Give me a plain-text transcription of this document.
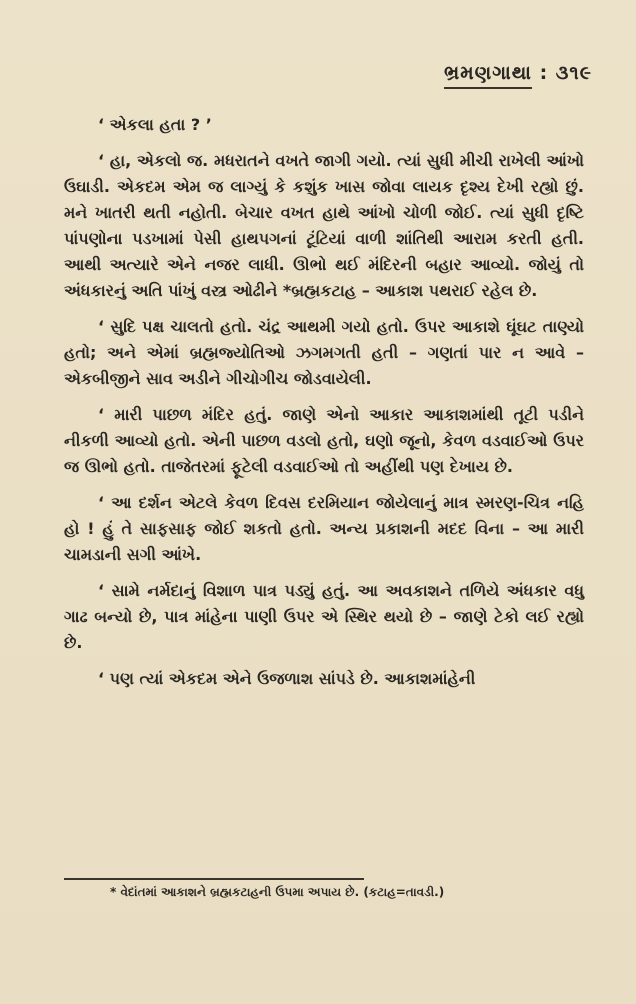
ભ્રમણગાથા : ૩૧૯

‘ એકલા હતા ? ’

‘ હા, એકલો જ. મધરાતને વખતે જાગી ગયો. ત્યાં સુધી મીચી રાખેલી આંખો ઉઘાડી. એકદમ એમ જ લાગ્યું કે કશુંક ખાસ જોવા લાયક દૃશ્ય દેખી રહ્યો છું. મને ખાતરી થતી નહોતી. બેચાર વખત હાથે આંખો ચોળી જોઈ. ત્યાં સુધી દૃષ્ટિ પાંપણોના પડખામાં પેસી હાથપગનાં ટૂંટિયાં વાળી શાંતિથી આરામ કરતી હતી. આથી અત્યારે એને નજર લાધી. ઊભો થઈ મંદિરની બહાર આવ્યો. જોયું તો અંધકારનું અતિ પાંખું વસ્ત્ર ઓઢીને *બ્રહ્મકટાહ – આકાશ પથરાઈ રહેલ છે.

‘ સુદિ પક્ષ ચાલતો હતો. ચંદ્ર આથમી ગયો હતો. ઉપર આકાશે ઘૂંઘટ તાણ્યો હતો; અને એમાં બ્રહ્મજ્યોતિઓ ઝગમગતી હતી – ગણતાં પાર ન આવે – એકબીજીને સાવ અડીને ગીચોગીચ જોડવાયેલી.

‘ મારી પાછળ મંદિર હતું. જાણે એનો આકાર આકાશમાંથી તૂટી પડીને નીકળી આવ્યો હતો. એની પાછળ વડલો હતો, ઘણો જૂનો, કેવળ વડવાઈઓ ઉપર જ ઊભો હતો. તાજેતરમાં ફૂટેલી વડવાઈઓ તો અહીંથી પણ દેખાય છે.

‘ આ દર્શન એટલે કેવળ દિવસ દરમિયાન જોયેલાનું માત્ર સ્મરણ-ચિત્ર નહિ હો ! હું તે સાફસાફ જોઈ શકતો હતો. અન્ય પ્રકાશની મદદ વિના – આ મારી ચામડાની સગી આંખે.

‘ સામે નર્મદાનું વિશાળ પાત્ર પડ્યું હતું. આ અવકાશને તળિયે અંધકાર વધુ ગાઢ બન્યો છે, પાત્ર માંહેના પાણી ઉપર એ સ્થિર થયો છે – જાણે ટેકો લઈ રહ્યો છે.

‘ પણ ત્યાં એકદમ એને ઉજળાશ સાંપડે છે. આકાશમાંહેની

* વેદાંતમાં આકાશને બ્રહ્મકટાહની ઉપમા અપાય છે. (કટાહ=તાવડી.)
